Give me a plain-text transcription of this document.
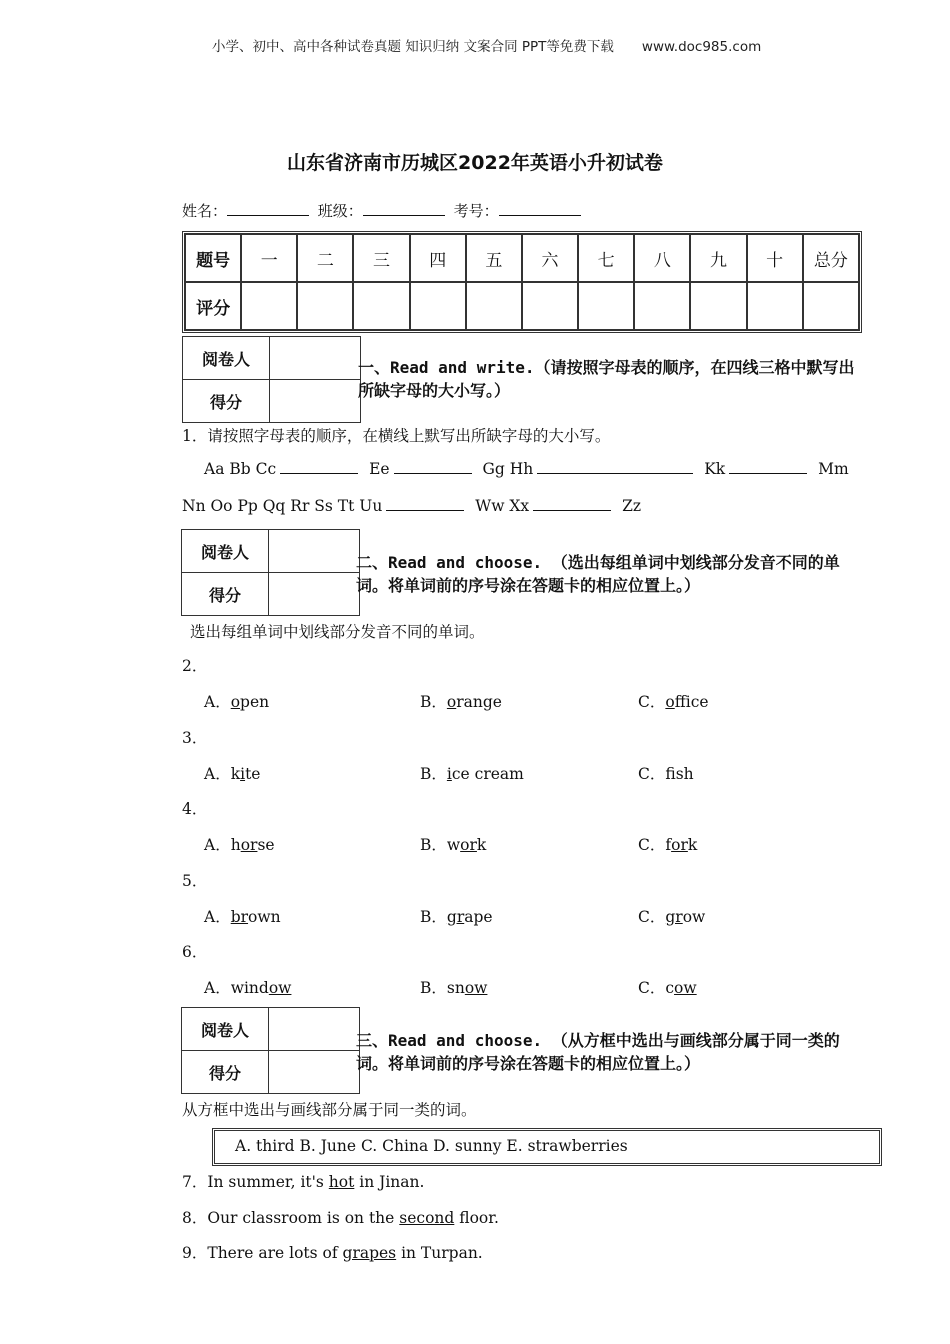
小学、初中、高中各种试卷真题 知识归纳 文案合同 PPT等免费下载 www.doc985.com
山东省济南市历城区2022年英语小升初试卷
姓名：	班级：	考号：
题号	一	二	三	四	五	六	七	八	九	十	总分
评分											
阅卷人	
得分	
一、Read and write.（请按照字母表的顺序，在四线三格中默写出所缺字母的大小写。）
1．请按照字母表的顺序，在横线上默写出所缺字母的大小写。
Aa Bb Cc	Ee	Gg Hh	Kk	Mm
Nn Oo Pp Qq Rr Ss Tt Uu	Ww Xx	Zz
阅卷人	
得分	
二、Read and choose. （选出每组单词中划线部分发音不同的单词。将单词前的序号涂在答题卡的相应位置上。）
选出每组单词中划线部分发音不同的单词。
2．
A．open	B．orange	C．office
3．
A．kite	B．ice cream	C．fsh
4．
A．horse	B．work	C．fork
5．
A．brown	B．grape	C．grow
6．
A．window	B．snow	C．cow
阅卷人	
得分	
三、Read and choose. （从方框中选出与画线部分属于同一类的词。将单词前的序号涂在答题卡的相应位置上。）
从方框中选出与画线部分属于同一类的词。
A. third B. June C. China D. sunny E. strawberries
7．In summer, it's hot in Jinan.
8．Our classroom is on the second floor.
9．There are lots of grapes in Turpan.
